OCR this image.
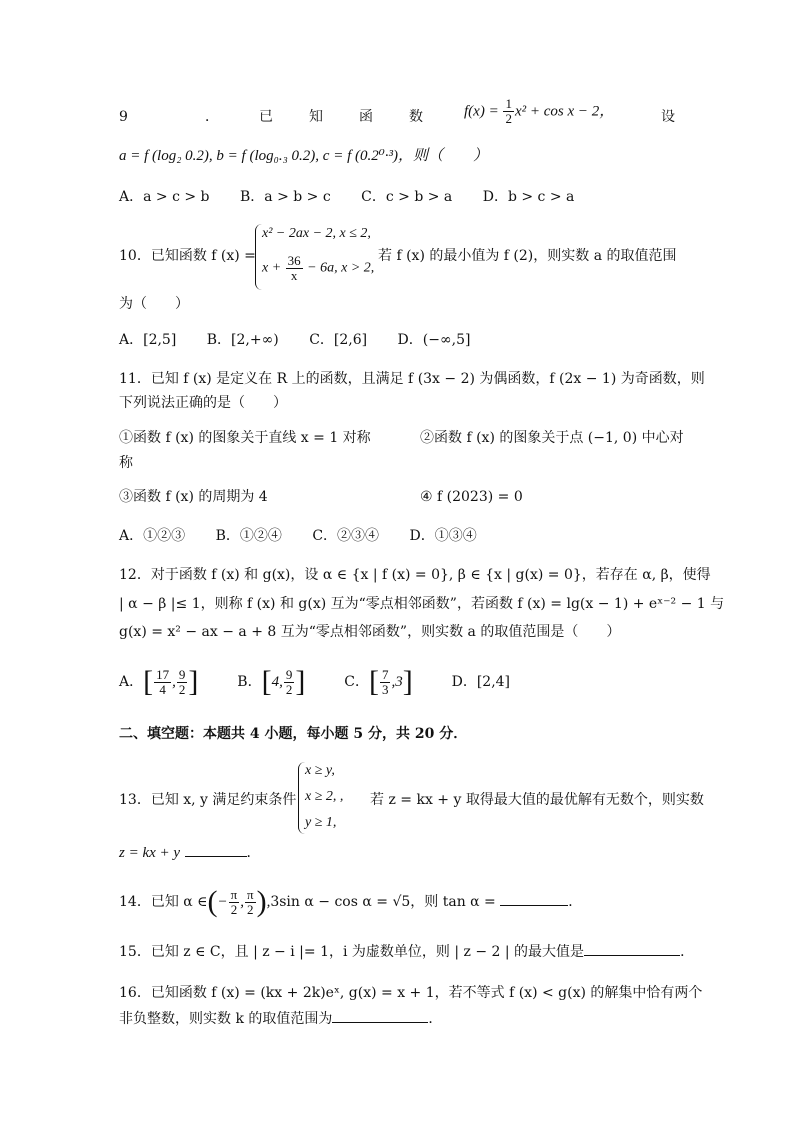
9	．	已	知	函	数	$f(x) = \frac{1}{2} x^2 + \cos x - 2$，	设
a = f (log₂ 0.2), b = f (log₀.₃ 0.2), c = f (0.2⁰·³)，则（　　）
A．a > c > b B．a > b > c C．c > b > a D．b > c > a
10．已知函数 f (x) =
x² − 2ax − 2, x ≤ 2,
$x + \frac{36}{x} - 6a$, x > 2,
若 f (x) 的最小值为 f (2)，则实数 a 的取值范围
为（　　）
A．[2,5] B．[2,+∞) C．[2,6] D．(−∞,5]
11．已知 f (x) 是定义在 R 上的函数，且满足 f (3x − 2) 为偶函数，f (2x − 1) 为奇函数，则
下列说法正确的是（　　）
①函数 f (x) 的图象关于直线 x = 1 对称	②函数 f (x) 的图象关于点 (−1, 0) 中心对
称
③函数 f (x) 的周期为 4	④ f (2023) = 0
A．①②③ B．①②④ C．②③④ D．①③④
12．对于函数 f (x) 和 g(x)，设 α ∈ {x | f (x) = 0}, β ∈ {x | g(x) = 0}，若存在 α, β，使得
| α − β |≤ 1，则称 f (x) 和 g(x) 互为“零点相邻函数”，若函数 f (x) = lg(x − 1) + eˣ⁻² − 1 与
g(x) = x² − ax − a + 8 互为“零点相邻函数”，则实数 a 的取值范围是（　　）
A．[ $\frac{17}{4}$ , $\frac{9}{2}$ ]	B．[4, $\frac{9}{2}$ ]	C．[ $\frac{7}{3} ,3$]	D．[2,4]
二、填空题：本题共 4 小题，每小题 5 分，共 20 分．
13．已知 x, y 满足约束条件
x ≥ y,
x ≥ 2, ,
y ≥ 1,
若 z = kx + y 取得最大值的最优解有无数个，则实数
z = kx + y	．
14．已知 α ∈(− $\frac{\pi}{2}$ , $\frac{\pi}{2} ),3\sin$ α − cos α = √5，则 tan α =	．
15．已知 z ∈ C，且 | z − i |= 1，i 为虚数单位，则 | z − 2 | 的最大值是	．
16．已知函数 f (x) = (kx + 2k)eˣ, g(x) = x + 1，若不等式 f (x) < g(x) 的解集中恰有两个
非负整数，则实数 k 的取值范围为	．
